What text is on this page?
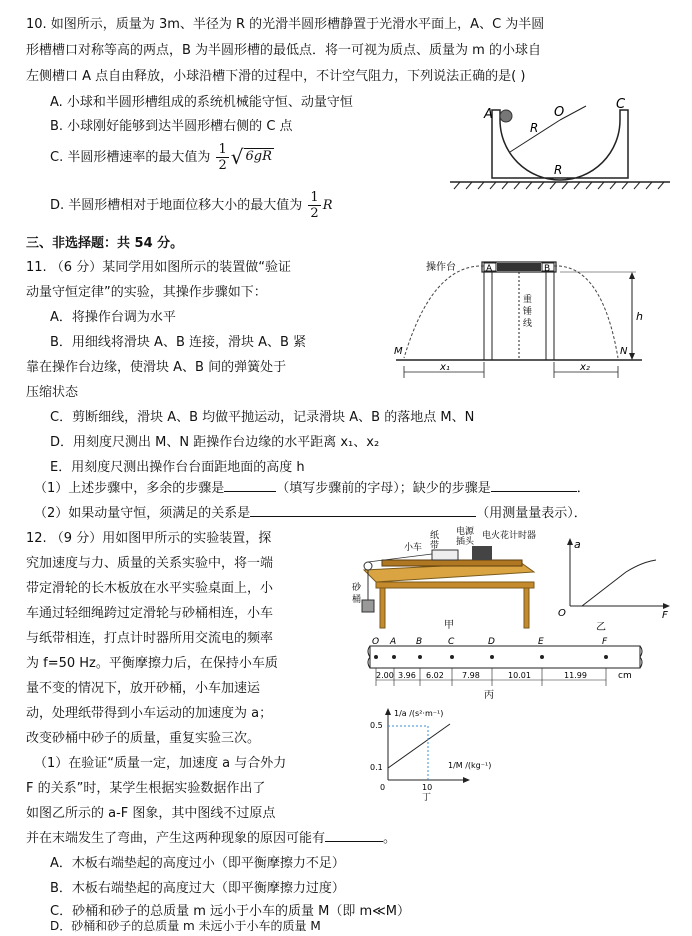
10. 如图所示，质量为 3m、半径为 R 的光滑半圆形槽静置于光滑水平面上，A、C 为半圆
形槽槽口对称等高的两点，B 为半圆形槽的最低点．将一可视为质点、质量为 m 的小球自
左侧槽口 A 点自由释放，小球沿槽下滑的过程中，不计空气阻力，下列说法正确的是( )
A. 小球和半圆形槽组成的系统机械能守恒、动量守恒
B. 小球刚好能够到达半圆形槽右侧的 C 点
C. 半圆形槽速率的最大值为 $\frac{1}{2}$ √ 6gR
D. 半圆形槽相对于地面位移大小的最大值为 $\frac{1}{2}$ R
A	O
C
R
R
三、非选择题：共 54 分。
11. （6 分）某同学用如图所示的装置做“验证
动量守恒定律”的实验，其操作步骤如下：
A．将操作台调为水平
B．用细线将滑块 A、B 连接，滑块 A、B 紧
靠在操作台边缘，使滑块 A、B 间的弹簧处于
压缩状态
C．剪断细线，滑块 A、B 均做平抛运动，记录滑块 A、B 的落地点 M、N
D．用刻度尺测出 M、N 距操作台边缘的水平距离 x₁、x₂
E．用刻度尺测出操作台台面距地面的高度 h
（1）上述步骤中，多余的步骤是	（填写步骤前的字母）；缺少的步骤是	．
（2）如果动量守恒，须满足的关系是	（用测量量表示）．
A	B
重
锤
线
h
x₁	x₂
M	N
操作台
12. （9 分）用如图甲所示的实验装置，探
究加速度与力、质量的关系实验中，将一端
带定滑轮的长木板放在水平实验桌面上，小
车通过轻细绳跨过定滑轮与砂桶相连，小车
与纸带相连，打点计时器所用交流电的频率
为 f=50 Hz。平衡摩擦力后，在保持小车质
量不变的情况下，放开砂桶，小车加速运
动，处理纸带得到小车运动的加速度为 a；
改变砂桶中砂子的质量，重复实验三次。
（1）在验证“质量一定，加速度 a 与合外力
F 的关系”时，某学生根据实验数据作出了
如图乙所示的 a-F 图象，其中图线不过原点
并在末端发生了弯曲，产生这两种现象的原因可能有	。
A．木板右端垫起的高度过小（即平衡摩擦力不足）
B．木板右端垫起的高度过大（即平衡摩擦力过度）
C．砂桶和砂子的总质量 m 远小于小车的质量 M（即 m≪M）
D．砂桶和砂子的总质量 m 未远小于小车的质量 M
电源
插头
纸
带
小车
电火花计时器
砂
桶
甲
a
O	F
乙
O A B	C	D	E	F
cm
2.00 3.96 6.02 7.98	10.01	11.99
丙
1/a /(s²·m⁻¹)
0.5
0.1
0	10
1/M /(kg⁻¹)
丁
